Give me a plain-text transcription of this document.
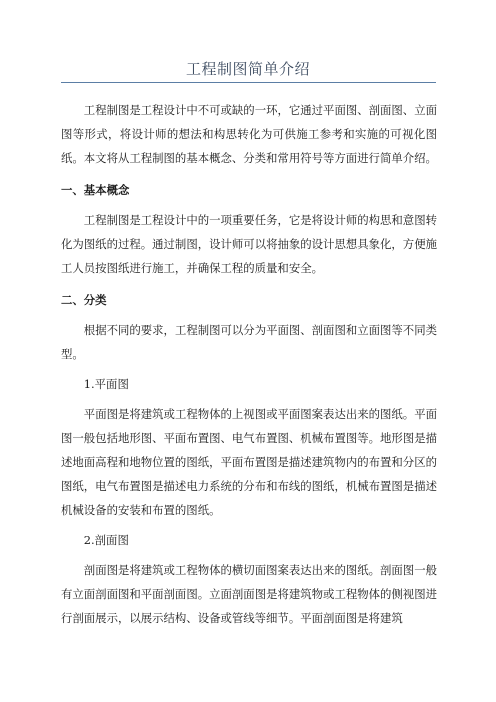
工程制图简单介绍

工程制图是工程设计中不可或缺的一环，它通过平面图、剖面图、立面图等形式，将设计师的想法和构思转化为可供施工参考和实施的可视化图纸。本文将从工程制图的基本概念、分类和常用符号等方面进行简单介绍。

一、基本概念

工程制图是工程设计中的一项重要任务，它是将设计师的构思和意图转化为图纸的过程。通过制图，设计师可以将抽象的设计思想具象化，方便施工人员按图纸进行施工，并确保工程的质量和安全。

二、分类

根据不同的要求，工程制图可以分为平面图、剖面图和立面图等不同类型。

1.平面图

平面图是将建筑或工程物体的上视图或平面图案表达出来的图纸。平面图一般包括地形图、平面布置图、电气布置图、机械布置图等。地形图是描述地面高程和地物位置的图纸，平面布置图是描述建筑物内的布置和分区的图纸，电气布置图是描述电力系统的分布和布线的图纸，机械布置图是描述机械设备的安装和布置的图纸。

2.剖面图

剖面图是将建筑或工程物体的横切面图案表达出来的图纸。剖面图一般有立面剖面图和平面剖面图。立面剖面图是将建筑物或工程物体的侧视图进行剖面展示，以展示结构、设备或管线等细节。平面剖面图是将建筑
